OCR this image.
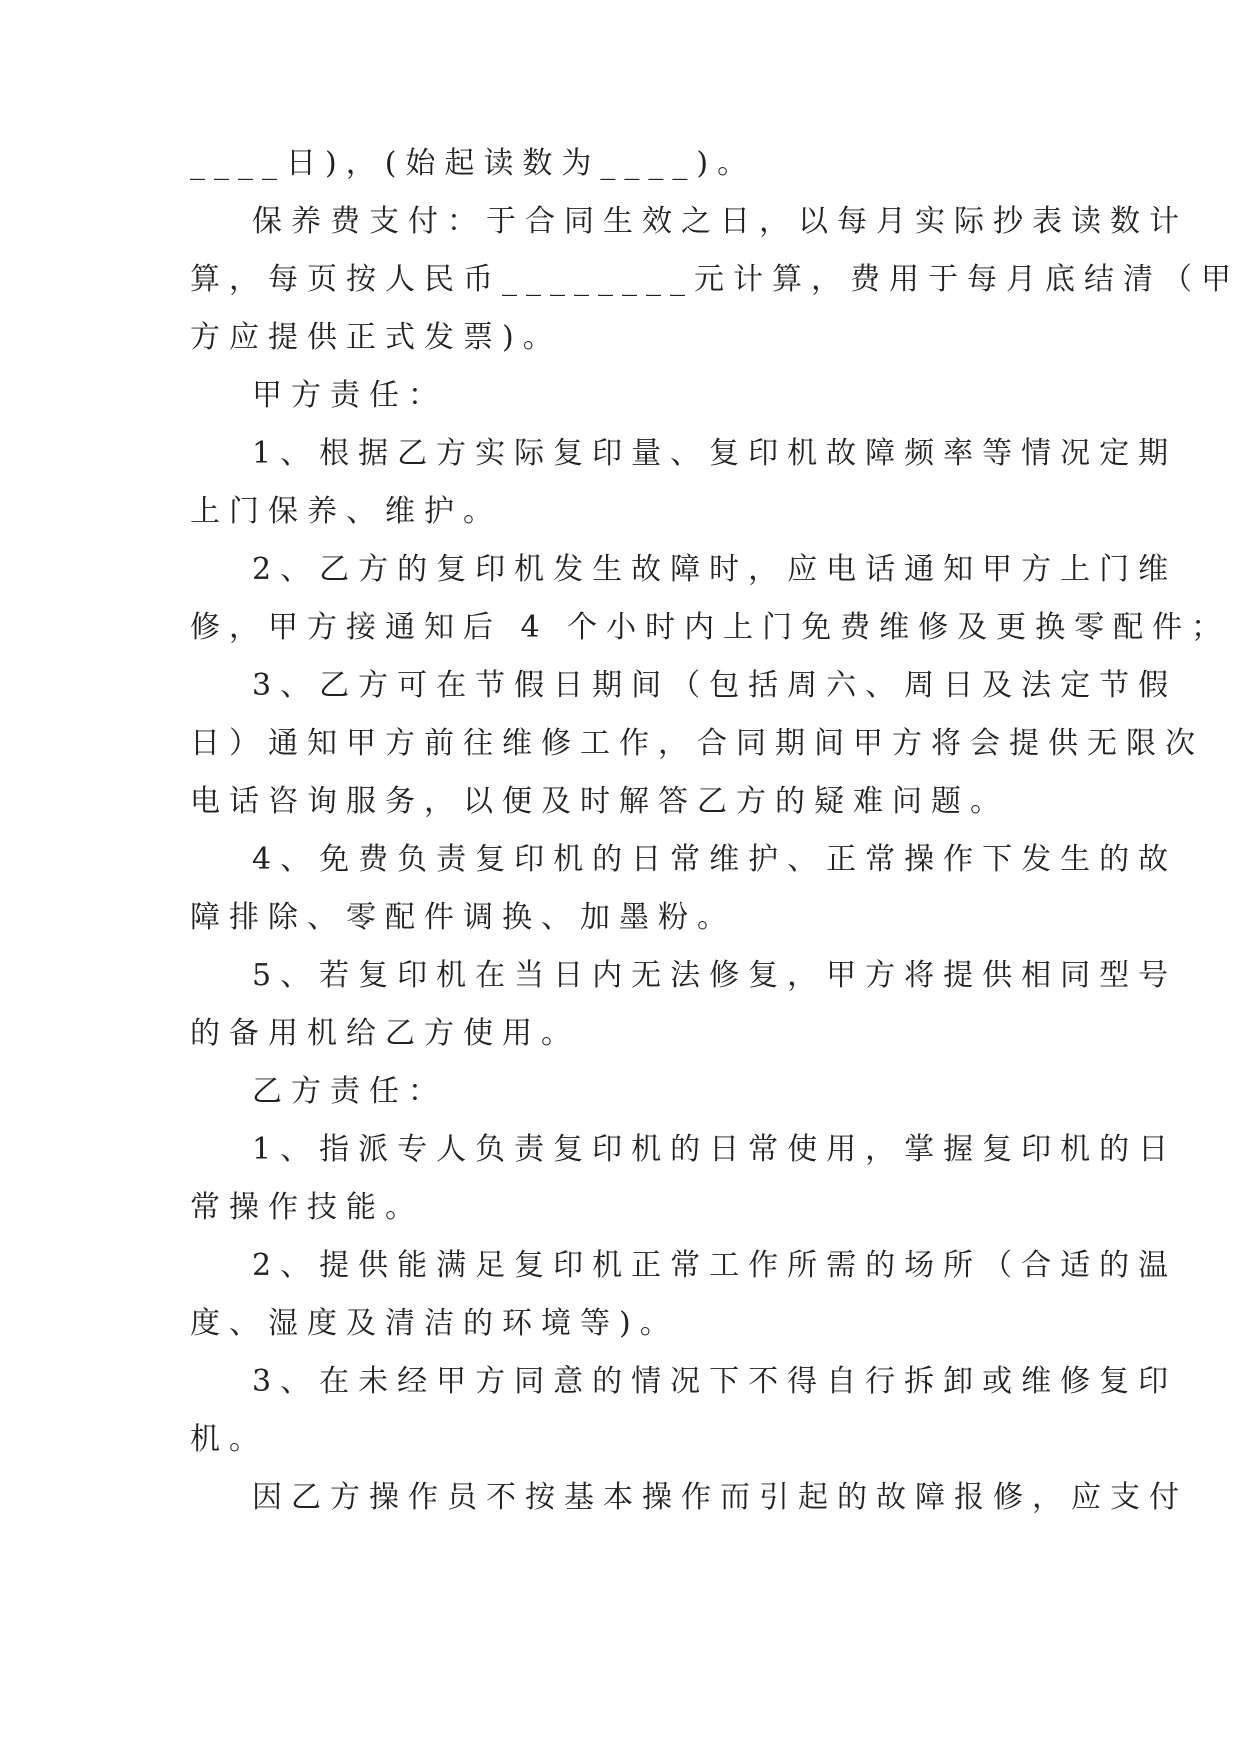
____日)，(始起读数为____)。
保养费支付：于合同生效之日，以每月实际抄表读数计
算，每页按人民币________元计算，费用于每月底结清（甲
方应提供正式发票)。
甲方责任：
1、根据乙方实际复印量、复印机故障频率等情况定期
上门保养、维护。
2、乙方的复印机发生故障时，应电话通知甲方上门维
修，甲方接通知后 4 个小时内上门免费维修及更换零配件；
3、乙方可在节假日期间（包括周六、周日及法定节假
日）通知甲方前往维修工作，合同期间甲方将会提供无限次
电话咨询服务，以便及时解答乙方的疑难问题。
4、免费负责复印机的日常维护、正常操作下发生的故
障排除、零配件调换、加墨粉。
5、若复印机在当日内无法修复，甲方将提供相同型号
的备用机给乙方使用。
乙方责任：
1、指派专人负责复印机的日常使用，掌握复印机的日
常操作技能。
2、提供能满足复印机正常工作所需的场所（合适的温
度、湿度及清洁的环境等)。
3、在未经甲方同意的情况下不得自行拆卸或维修复印
机。
因乙方操作员不按基本操作而引起的故障报修，应支付
